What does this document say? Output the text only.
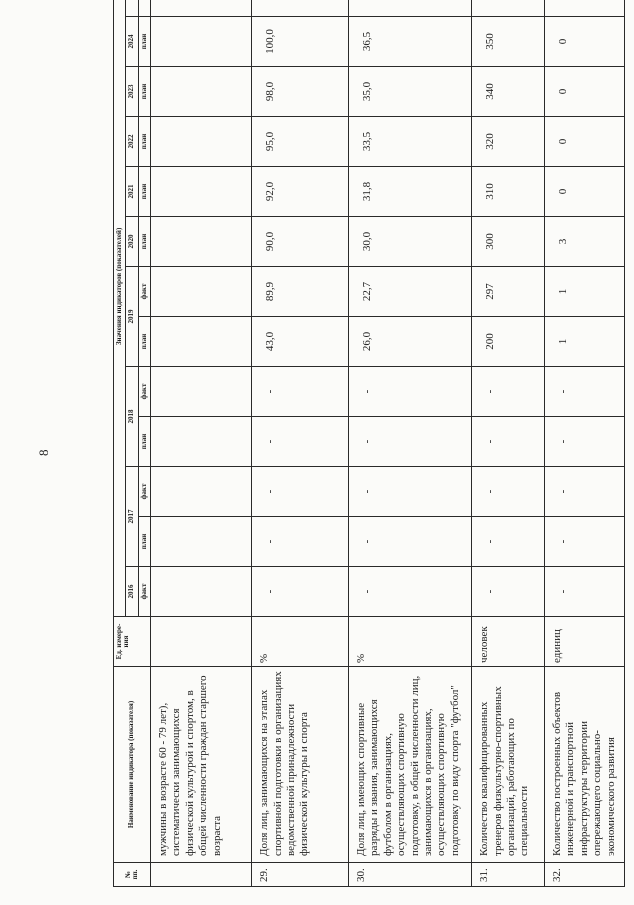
8
№ пп.	Наименование индикатора (показателя)	Ед. измере-ния	Значения индикаторов (показателей)													
			2016	2017		2018		2019		2020	2021	2022	2023	2024	
			факт	план	факт	план	факт	план	факт	план	план	план	план	план	
	мужчины в возрасте 60 - 79 лет), систематически занимающихся физической культурой и спортом, в общей численности граждан старшего возраста															
29.	Доля лиц, занимающихся на этапах спортивной подготовки в организациях ведомственной принадлежности физической культуры и спорта	%	-	-	-	-	-	43,0	89,9	90,0	92,0	95,0	98,0	100,0		
30.	Доля лиц, имеющих спортивные разряды и звания, занимающихся футболом в организациях, осуществляющих спортивную подготовку, в общей численности лиц, занимающихся в организациях, осуществляющих спортивную подготовку по виду спорта "футбол"	%	-	-	-	-	-	26,0	22,7	30,0	31,8	33,5	35,0	36,5		
31.	Количество квалифицированных тренеров физкультурно-спортивных организаций, работающих по специальности	человек	-	-	-	-	-	200	297	300	310	320	340	350		
32.	Количество построенных объектов инженерной и транспортной инфраструктуры территории опережающего социально-экономического развития	единиц	-	-	-	-	-	1	1	3	0	0	0	0		
